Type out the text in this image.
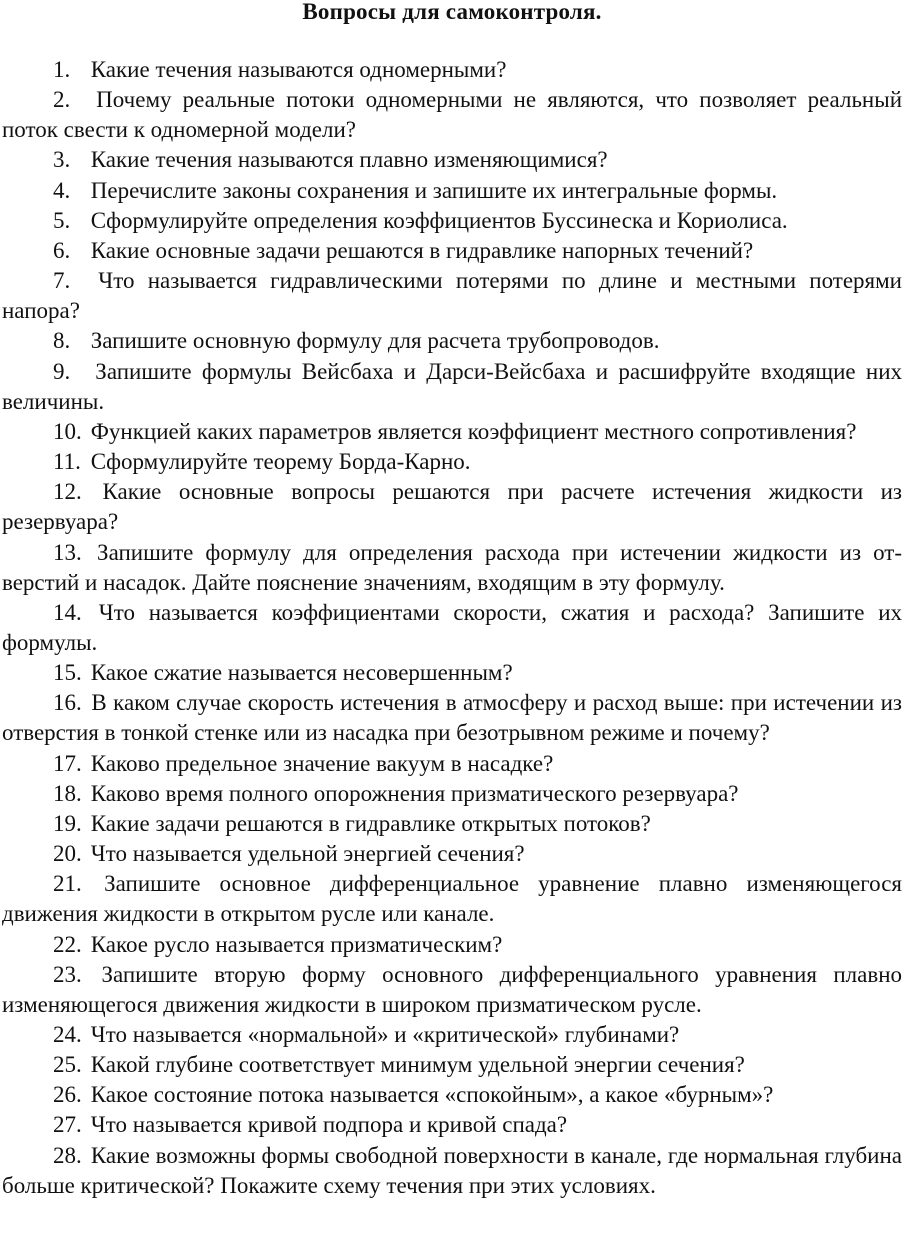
Вопросы для самоконтроля.
1. Какие течения называются одномерными?
2. Почему реальные потоки одномерными не являются, что позволяет реальный поток свести к одномерной модели?
3. Какие течения называются плавно изменяющимися?
4. Перечислите законы сохранения и запишите их интегральные формы.
5. Сформулируйте определения коэффициентов Буссинеска и Кориолиса.
6. Какие основные задачи решаются в гидравлике напорных течений?
7. Что называется гидравлическими потерями по длине и местными потерями напора?
8. Запишите основную формулу для расчета трубопроводов.
9. Запишите формулы Вейсбаха и Дарси-Вейсбаха и расшифруйте входящие них величины.
10. Функцией каких параметров является коэффициент местного сопротивления?
11. Сформулируйте теорему Борда-Карно.
12. Какие основные вопросы решаются при расчете истечения жидкости из резервуара?
13. Запишите формулу для определения расхода при истечении жидкости из отверстий и насадок. Дайте пояснение значениям, входящим в эту формулу.
14. Что называется коэффициентами скорости, сжатия и расхода? Запишите их формулы.
15. Какое сжатие называется несовершенным?
16. В каком случае скорость истечения в атмосферу и расход выше: при истечении из отверстия в тонкой стенке или из насадка при безотрывном режиме и почему?
17. Каково предельное значение вакуум в насадке?
18. Каково время полного опорожнения призматического резервуара?
19. Какие задачи решаются в гидравлике открытых потоков?
20. Что называется удельной энергией сечения?
21. Запишите основное дифференциальное уравнение плавно изменяющегося движения жидкости в открытом русле или канале.
22. Какое русло называется призматическим?
23. Запишите вторую форму основного дифференциального уравнения плавно изменяющегося движения жидкости в широком призматическом русле.
24. Что называется «нормальной» и «критической» глубинами?
25. Какой глубине соответствует минимум удельной энергии сечения?
26. Какое состояние потока называется «спокойным», а какое «бурным»?
27. Что называется кривой подпора и кривой спада?
28. Какие возможны формы свободной поверхности в канале, где нормальная глубина больше критической? Покажите схему течения при этих условиях.
